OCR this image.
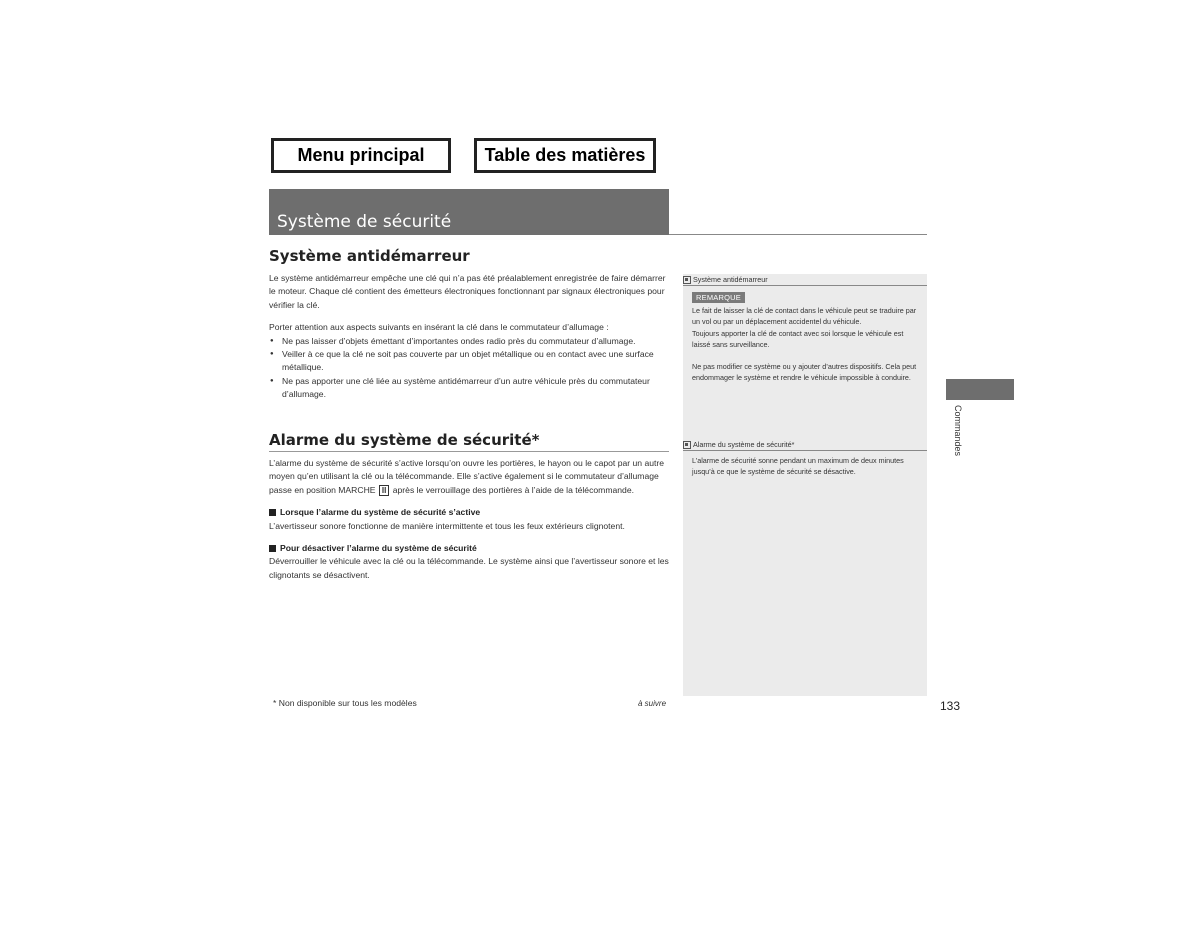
Menu principal	Table des matières
Système de sécurité
Système antidémarreur

Le système antidémarreur empêche une clé qui n’a pas été préalablement enregistrée de faire démarrer le moteur. Chaque clé contient des émetteurs électroniques fonctionnant par signaux électroniques pour vérifier la clé.

Porter attention aux aspects suivants en insérant la clé dans le commutateur d’allumage :

● Ne pas laisser d’objets émettant d’importantes ondes radio près du commutateur d’allumage.
● Veiller à ce que la clé ne soit pas couverte par un objet métallique ou en contact avec une surface métallique.
● Ne pas apporter une clé liée au système antidémarreur d’un autre véhicule près du commutateur d’allumage.
Alarme du système de sécurité*

L’alarme du système de sécurité s’active lorsqu’on ouvre les portières, le hayon ou le capot par un autre moyen qu’en utilisant la clé ou la télécommande. Elle s’active également si le commutateur d’allumage passe en position MARCHE II après le verrouillage des portières à l’aide de la télécommande.

Lorsque l’alarme du système de sécurité s’active

L’avertisseur sonore fonctionne de manière intermittente et tous les feux extérieurs clignotent.

Pour désactiver l’alarme du système de sécurité

Déverrouiller le véhicule avec la clé ou la télécommande. Le système ainsi que l’avertisseur sonore et les clignotants se désactivent.

Système antidémarreur
REMARQUE

Le fait de laisser la clé de contact dans le véhicule peut se traduire par un vol ou par un déplacement accidentel du véhicule.

Toujours apporter la clé de contact avec soi lorsque le véhicule est laissé sans surveillance.

Ne pas modifier ce système ou y ajouter d’autres dispositifs. Cela peut endommager le système et rendre le véhicule impossible à conduire.

Alarme du système de sécurité *
L’alarme de sécurité sonne pendant un maximum de deux minutes jusqu’à ce que le système de sécurité se désactive.
Commandes
* Non disponible sur tous les modèles	à suivre	133
